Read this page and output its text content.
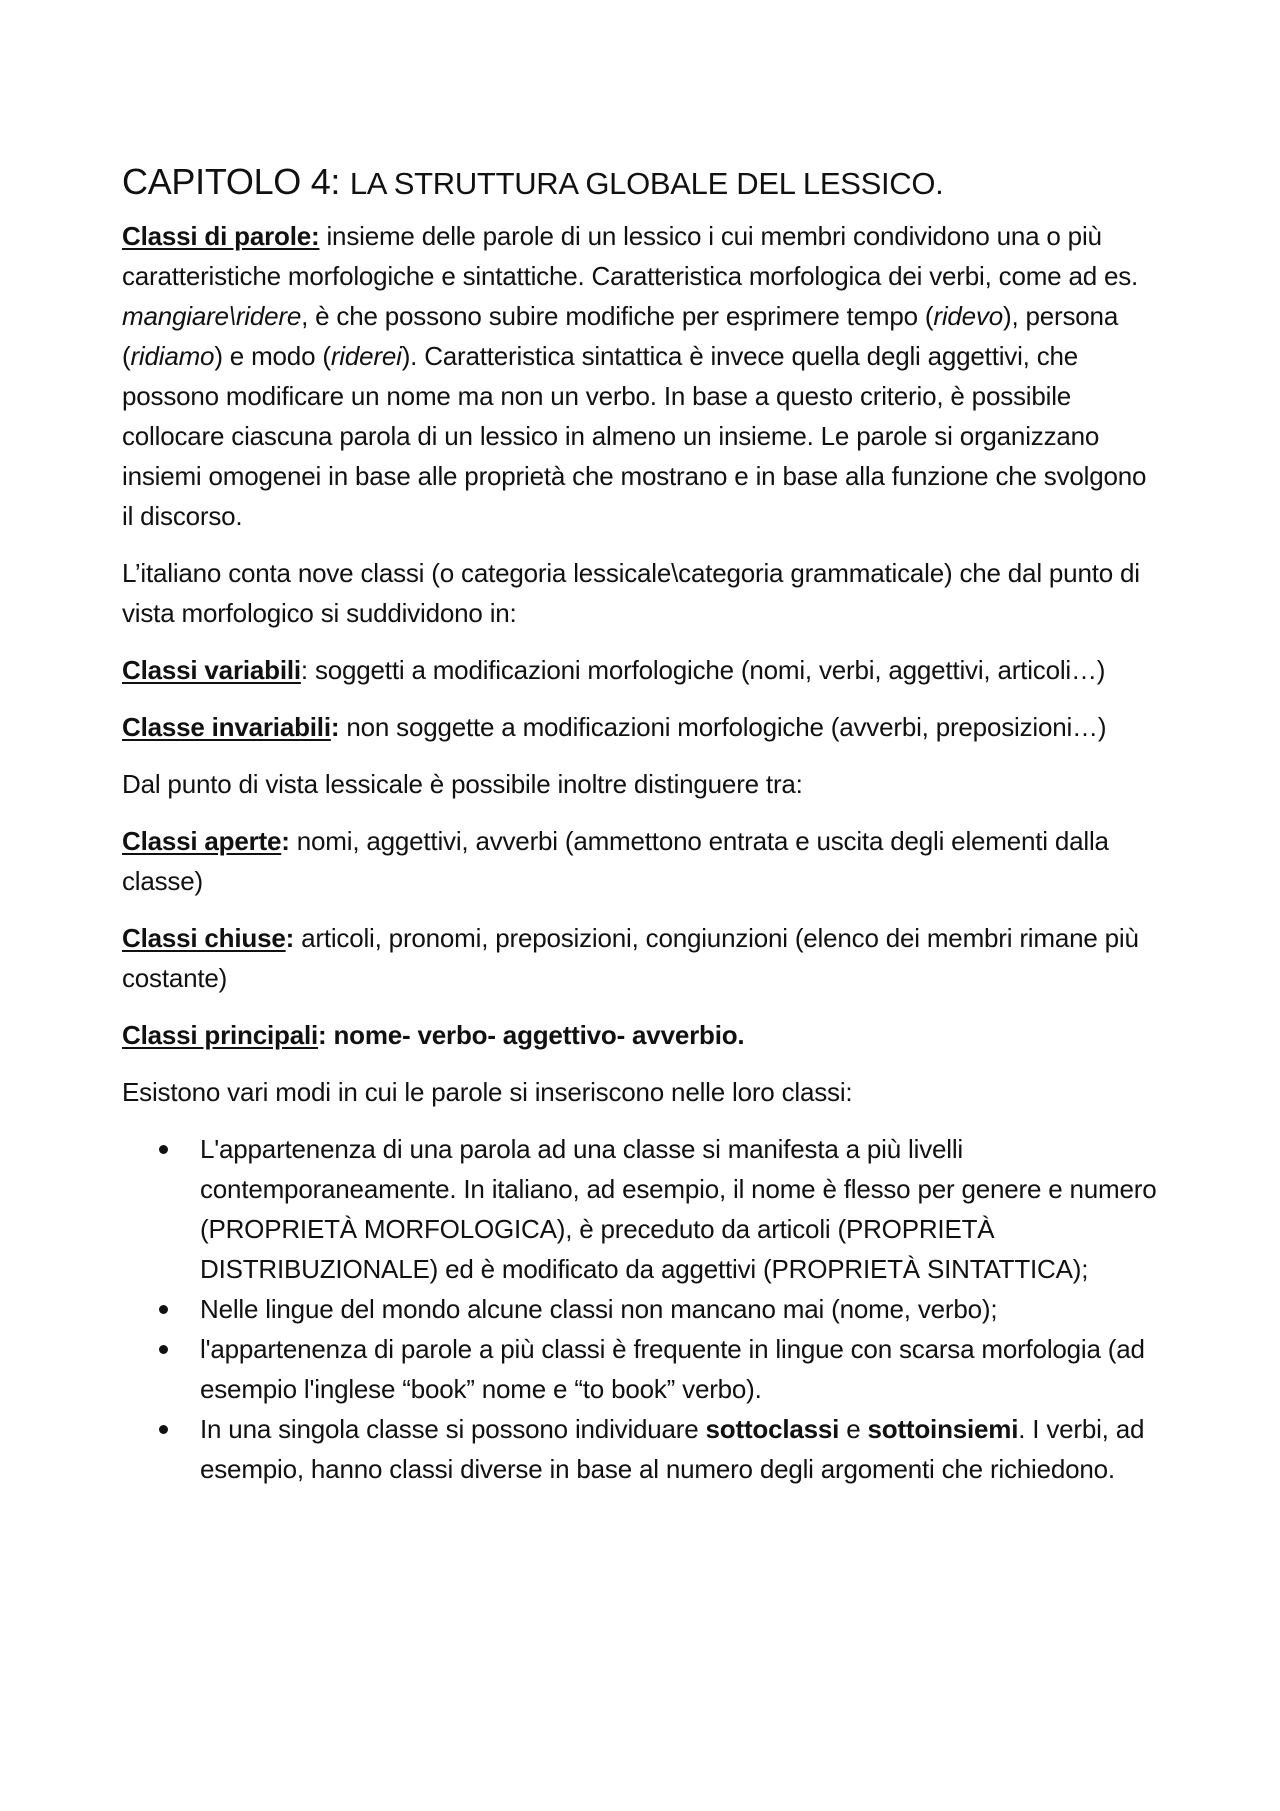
CAPITOLO 4: LA STRUTTURA GLOBALE DEL LESSICO.

Classi di parole: insieme delle parole di un lessico i cui membri condividono una o più caratteristiche morfologiche e sintattiche. Caratteristica morfologica dei verbi, come ad es. mangiare\ridere, è che possono subire modifiche per esprimere tempo (ridevo), persona (ridiamo) e modo (riderei). Caratteristica sintattica è invece quella degli aggettivi, che possono modificare un nome ma non un verbo. In base a questo criterio, è possibile collocare ciascuna parola di un lessico in almeno un insieme. Le parole si organizzano insiemi omogenei in base alle proprietà che mostrano e in base alla funzione che svolgono il discorso.

L’italiano conta nove classi (o categoria lessicale\categoria grammaticale) che dal punto di vista morfologico si suddividono in:

Classi variabili: soggetti a modificazioni morfologiche (nomi, verbi, aggettivi, articoli…)

Classe invariabili: non soggette a modificazioni morfologiche (avverbi, preposizioni…)

Dal punto di vista lessicale è possibile inoltre distinguere tra:

Classi aperte: nomi, aggettivi, avverbi (ammettono entrata e uscita degli elementi dalla classe)

Classi chiuse: articoli, pronomi, preposizioni, congiunzioni (elenco dei membri rimane più costante)

Classi principali: nome- verbo- aggettivo- avverbio.

Esistono vari modi in cui le parole si inseriscono nelle loro classi:

L'appartenenza di una parola ad una classe si manifesta a più livelli contemporaneamente. In italiano, ad esempio, il nome è flesso per genere e numero (PROPRIETÀ MORFOLOGICA), è preceduto da articoli (PROPRIETÀ DISTRIBUZIONALE) ed è modificato da aggettivi (PROPRIETÀ SINTATTICA);
Nelle lingue del mondo alcune classi non mancano mai (nome, verbo);
l'appartenenza di parole a più classi è frequente in lingue con scarsa morfologia (ad esempio l'inglese “book” nome e “to book” verbo).
In una singola classe si possono individuare sottoclassi e sottoinsiemi. I verbi, ad esempio, hanno classi diverse in base al numero degli argomenti che richiedono.
